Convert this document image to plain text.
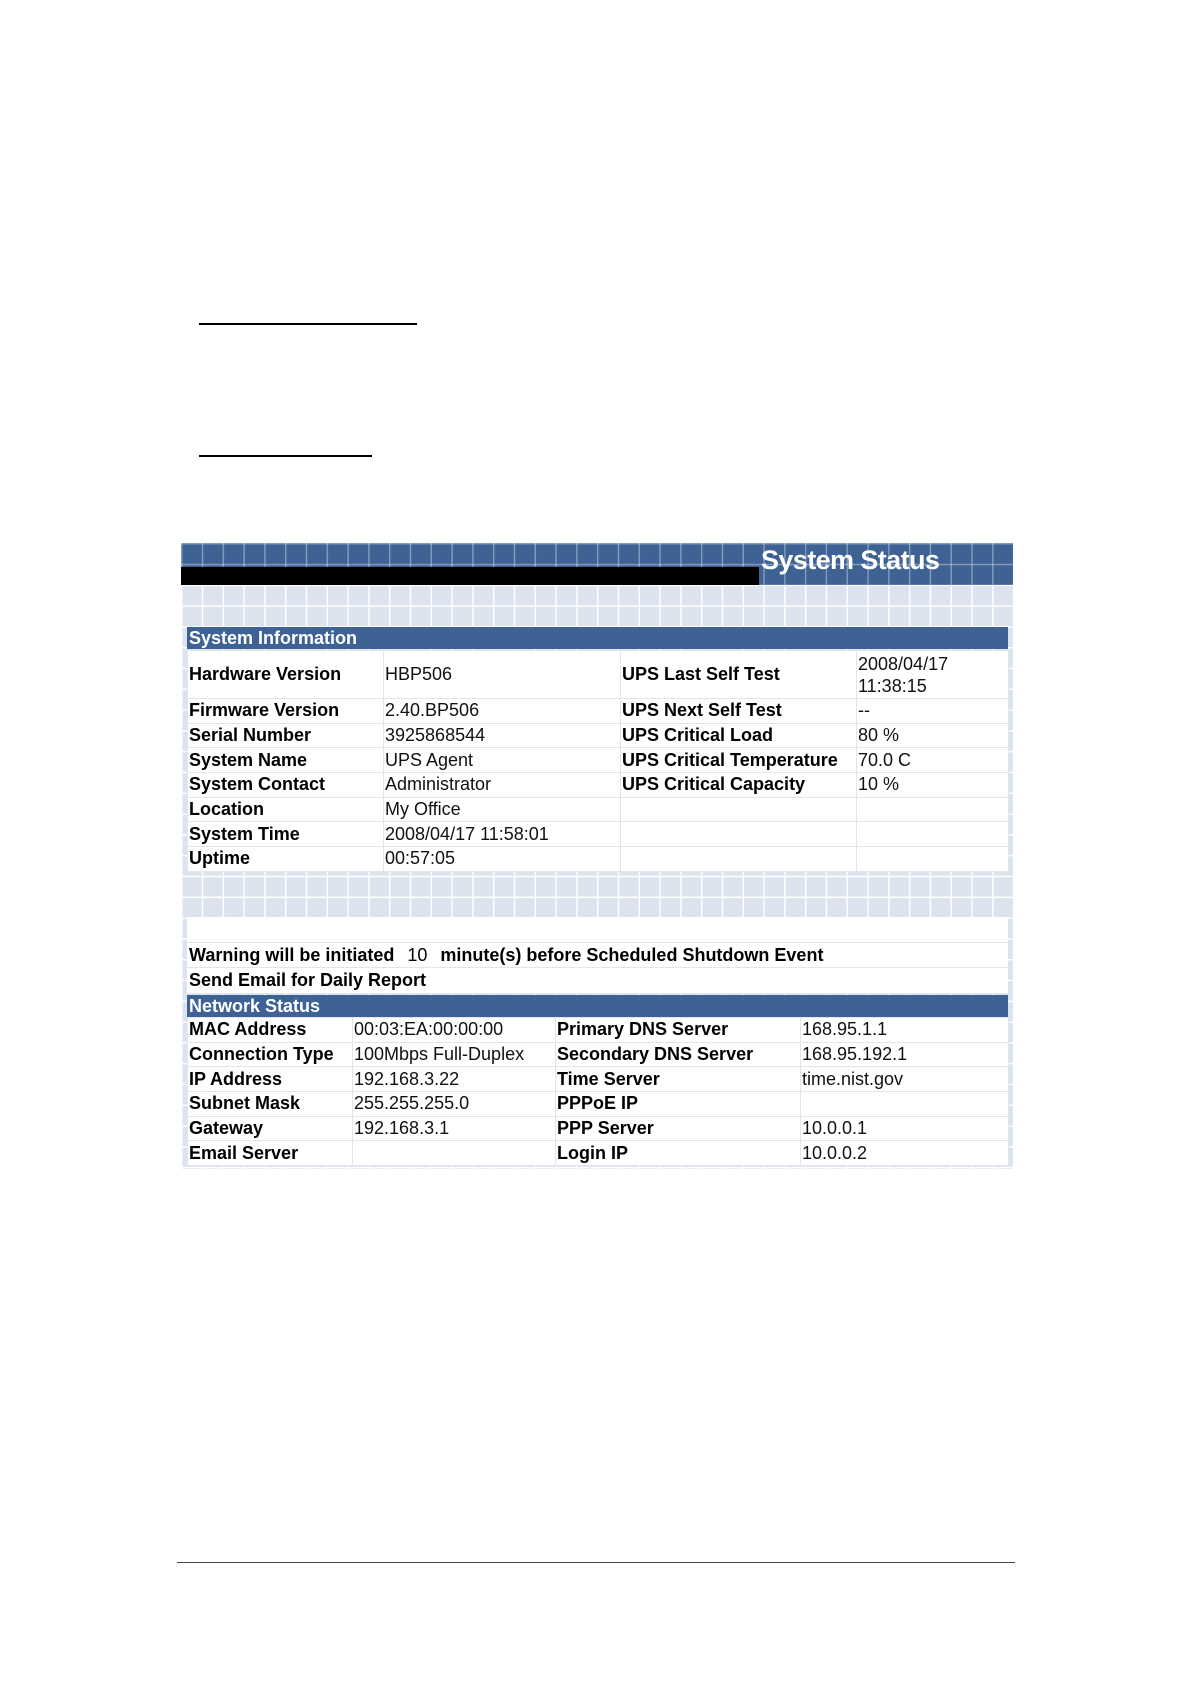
System Status
System Information
Hardware Version	HBP506	UPS Last Self Test	2008/04/17 11:38:15
Firmware Version	2.40.BP506	UPS Next Self Test	--
Serial Number	3925868544	UPS Critical Load	80 %
System Name	UPS Agent	UPS Critical Temperature	70.0 C
System Contact	Administrator	UPS Critical Capacity	10 %
Location	My Office		
System Time	2008/04/17 11:58:01		
Uptime	00:57:05		
Warning will be initiated 10 minute(s) before Scheduled Shutdown Event
Send Email for Daily Report
Network Status
MAC Address	00:03:EA:00:00:00	Primary DNS Server	168.95.1.1
Connection Type	100Mbps Full-Duplex	Secondary DNS Server	168.95.192.1
IP Address	192.168.3.22	Time Server	time.nist.gov
Subnet Mask	255.255.255.0	PPPoE IP	
Gateway	192.168.3.1	PPP Server	10.0.0.1
Email Server		Login IP	10.0.0.2
